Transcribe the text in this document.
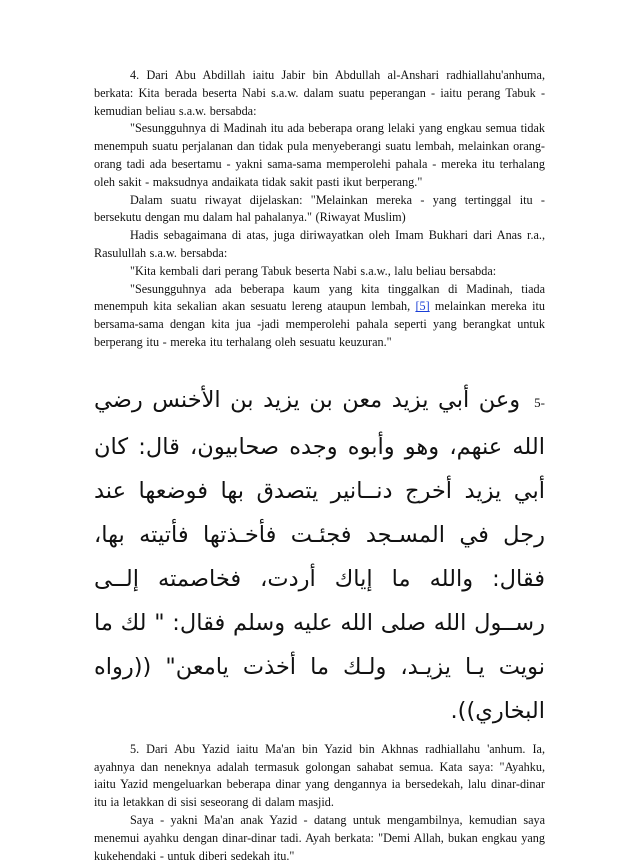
4. Dari Abu Abdillah iaitu Jabir bin Abdullah al-Anshari radhiallahu'anhuma, berkata: Kita berada beserta Nabi s.a.w. dalam suatu peperangan - iaitu perang Tabuk - kemudian beliau s.a.w. bersabda:

"Sesungguhnya di Madinah itu ada beberapa orang lelaki yang engkau semua tidak menempuh suatu perjalanan dan tidak pula menyeberangi suatu lembah, melainkan orang-orang tadi ada besertamu - yakni sama-sama memperolehi pahala - mereka itu terhalang oleh sakit - maksudnya andaikata tidak sakit pasti ikut berperang."

Dalam suatu riwayat dijelaskan: "Melainkan mereka - yang tertinggal itu - bersekutu dengan mu dalam hal pahalanya." (Riwayat Muslim)

Hadis sebagaimana di atas, juga diriwayatkan oleh Imam Bukhari dari Anas r.a., Rasulullah s.a.w. bersabda:

"Kita kembali dari perang Tabuk beserta Nabi s.a.w., lalu beliau bersabda:

"Sesungguhnya ada beberapa kaum yang kita tinggalkan di Madinah, tiada menempuh kita sekalian akan sesuatu lereng ataupun lembah, [5] melainkan mereka itu bersama-sama dengan kita jua -jadi memperolehi pahala seperti yang berangkat untuk berperang itu - mereka itu terhalang oleh sesuatu keuzuran."

-5وعن أبي يزيد معن بن يزيد بن الأخنس رضي الله عنهم، وهو وأبوه وجده صحابيون، قال: كان أبي يزيد أخرج دنــانير يتصدق بها فوضعها عند رجل في المسـجد فجئـت فأخـذتها فأتيته بها، فقال: والله ما إياك أردت، فخاصمته إلــى رســول الله صلى الله عليه وسلم فقال: " لك ما نويت يـا يزيـد، ولـك ما أخذت يامعن" ((رواه البخاري)).

5. Dari Abu Yazid iaitu Ma'an bin Yazid bin Akhnas radhiallahu 'anhum. Ia, ayahnya dan neneknya adalah termasuk golongan sahabat semua. Kata saya: "Ayahku, iaitu Yazid mengeluarkan beberapa dinar yang dengannya ia bersedekah, lalu dinar-dinar itu ia letakkan di sisi seseorang di dalam masjid.

Saya - yakni Ma'an anak Yazid - datang untuk mengambilnya, kemudian saya menemui ayahku dengan dinar-dinar tadi. Ayah berkata: "Demi Allah, bukan engkau yang kukehendaki - untuk diberi sedekah itu."
